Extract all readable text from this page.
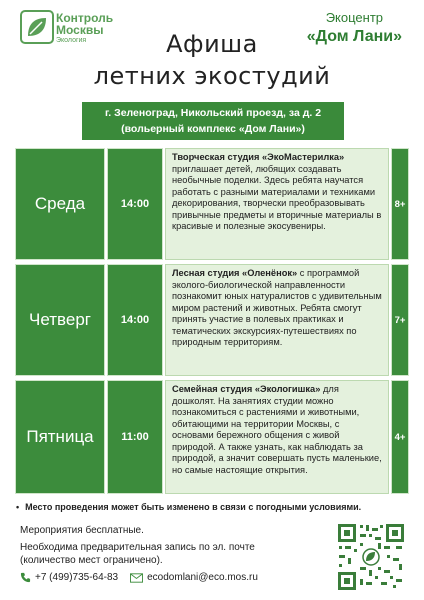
Контроль
Москвы
Экология
Экоцентр
«Дом Лани»
Афиша
летних экостудий
г. Зеленоград, Никольский проезд, за д. 2
(вольерный комплекс «Дом Лани»)
Среда	14:00
Творческая студия «ЭкоМастерилка» приглашает детей, любящих создавать необычные поделки. Здесь ребята научатся работать с разными материалами и техниками декорирования, творчески преобразовывать привычные предметы и вторичные материалы в красивые и полезные экосувениры.
8+
Четверг	14:00
Лесная студия «Оленёнок» с программой эколого-биологической направленности познакомит юных натуралистов с удивительным миром растений и животных. Ребята смогут принять участие в полевых практиках и тематических экскурсиях-путешествиях по природным территориям.
7+
Пятница	11:00
Семейная студия «Экологишка» для дошколят. На занятиях студии можно познакомиться с растениями и животными, обитающими на территории Москвы, с основами бережного общения с живой природой. А также узнать, как наблюдать за природой, а значит совершать пусть маленькие, но самые настоящие открытия.
4+
• Место проведения может быть изменено в связи с погодными условиями.

Мероприятия бесплатные.

Необходима предварительная запись по эл. почте
(количество мест ограничено).
+7 (499)735-64-83	ecodomlani@eco.mos.ru
